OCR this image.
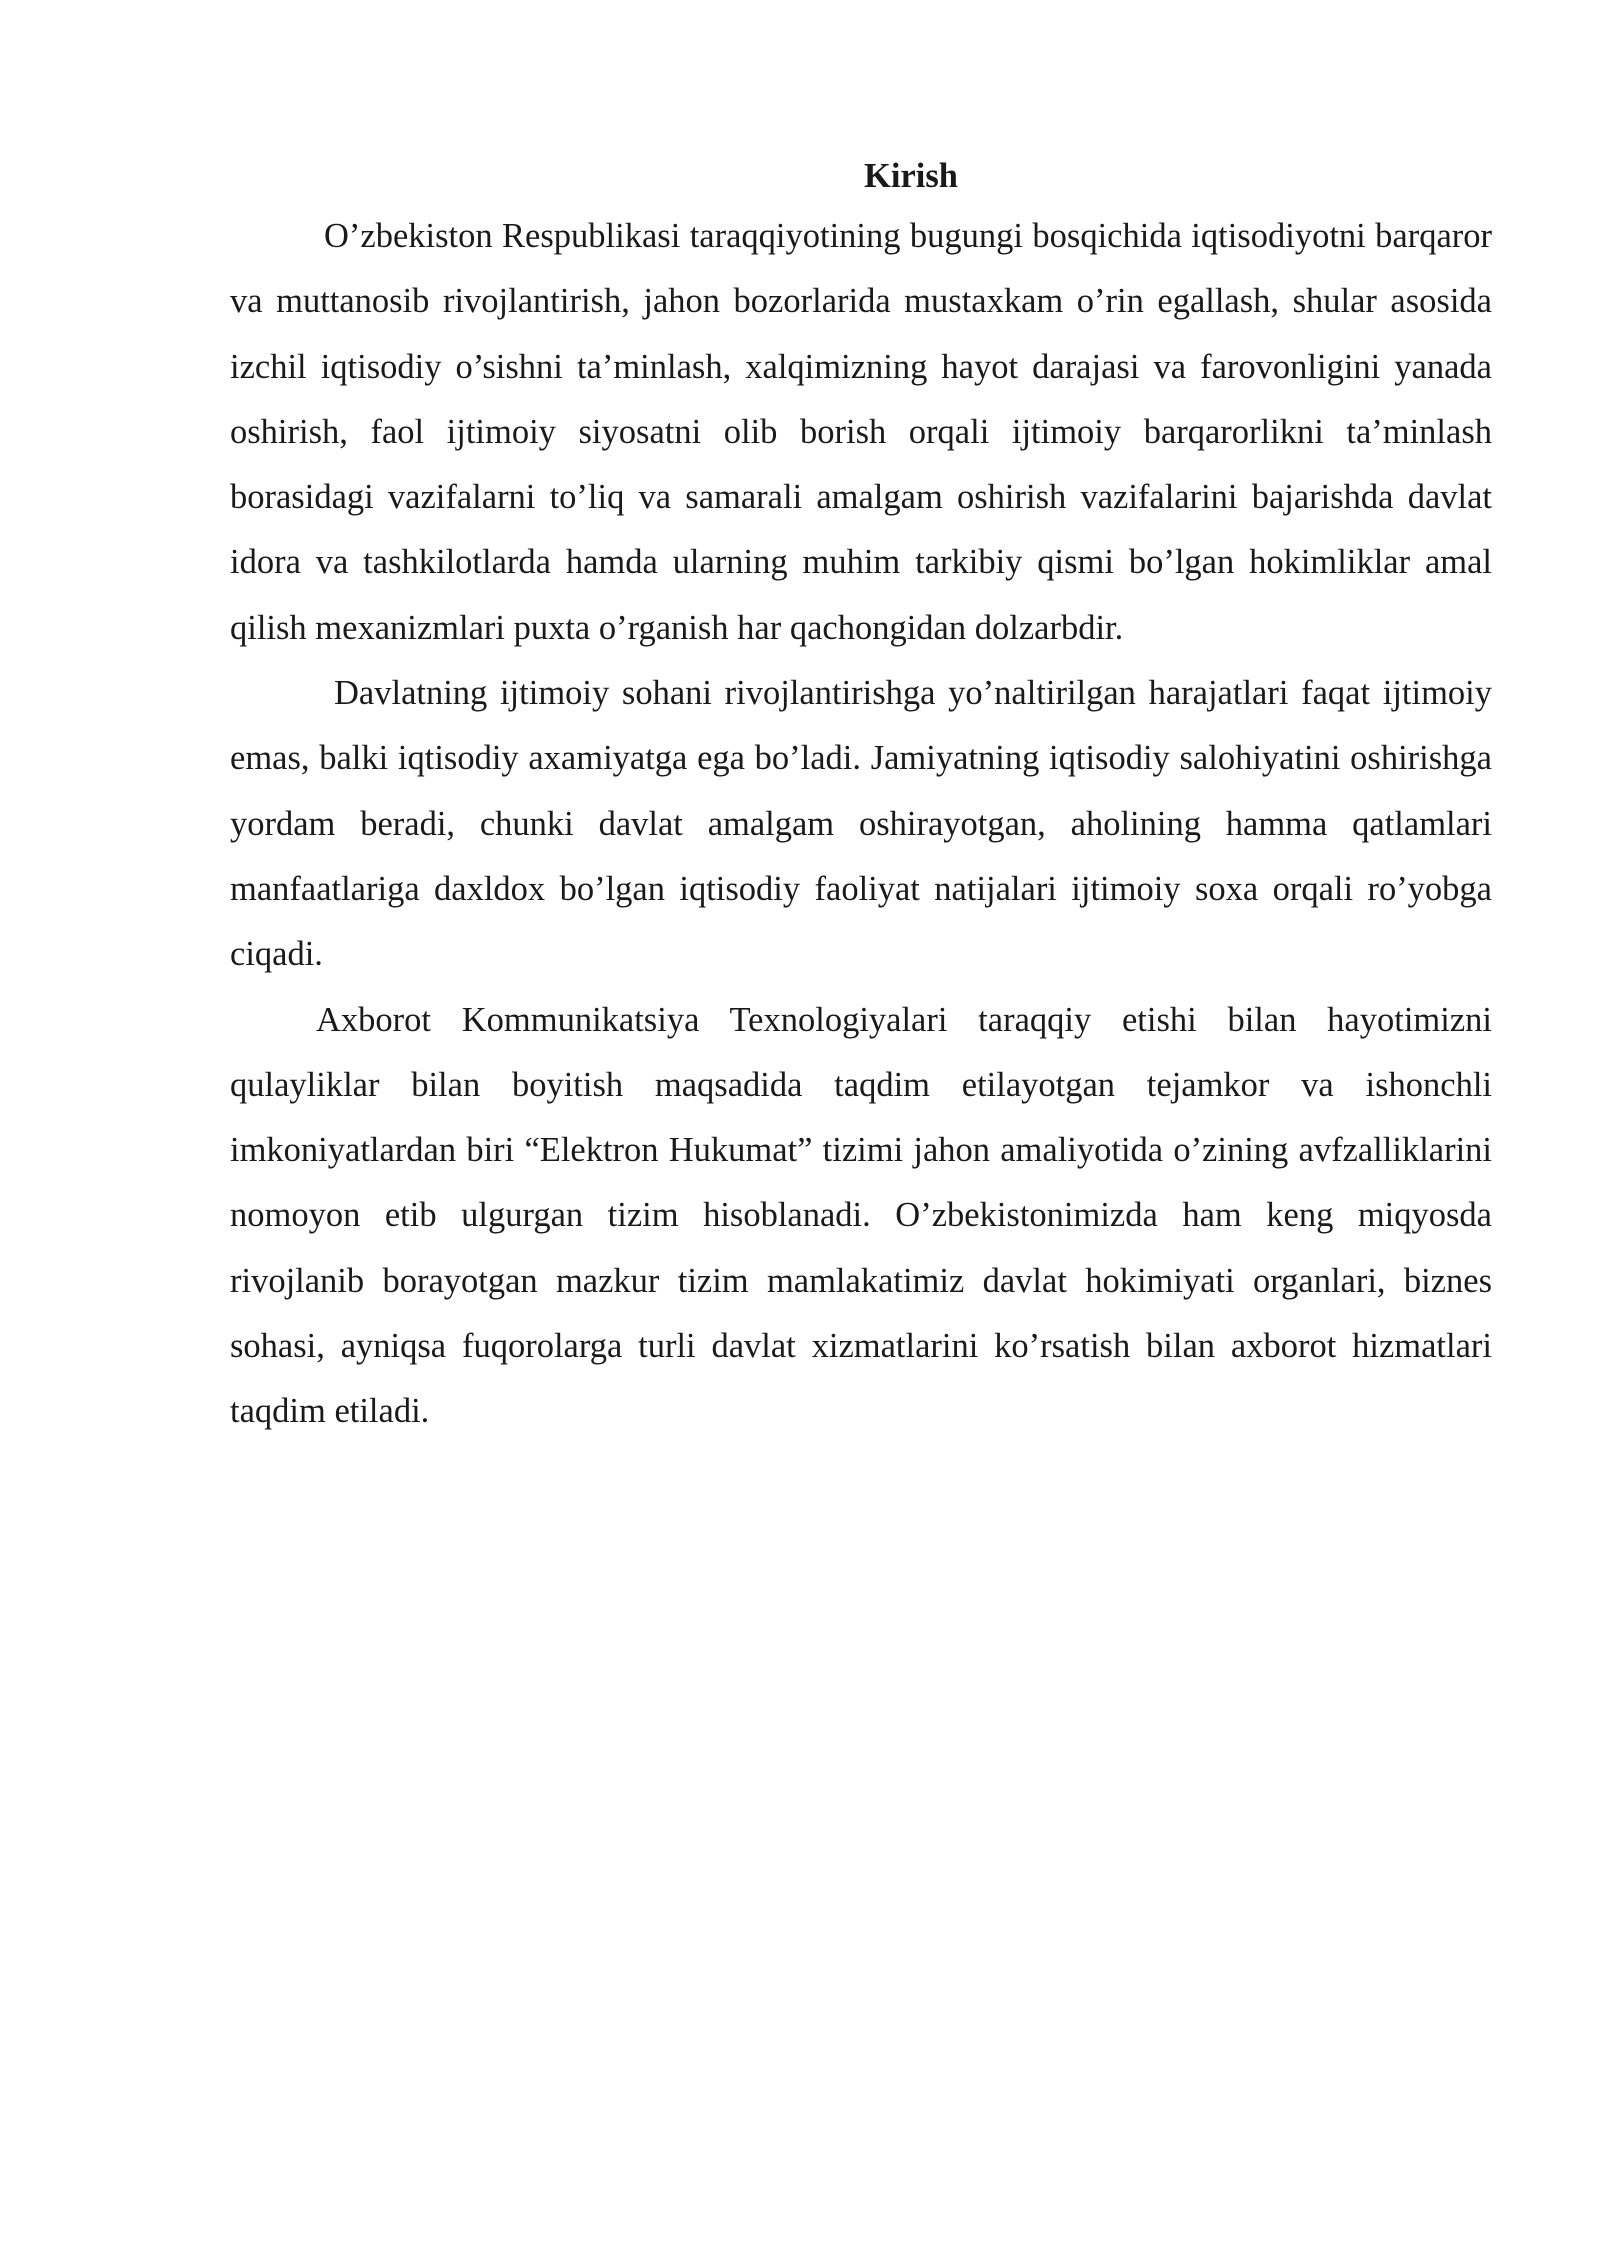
Kirish

O’zbekiston Respublikasi taraqqiyotining bugungi bosqichida iqtisodiyotni barqaror va muttanosib rivojlantirish, jahon bozorlarida mustaxkam o’rin egallash, shular asosida izchil iqtisodiy o’sishni ta’minlash, xalqimizning hayot darajasi va farovonligini yanada oshirish, faol ijtimoiy siyosatni olib borish orqali ijtimoiy barqarorlikni ta’minlash borasidagi vazifalarni to’liq va samarali amalgam oshirish vazifalarini bajarishda davlat idora va tashkilotlarda hamda ularning muhim tarkibiy qismi bo’lgan hokimliklar amal qilish mexanizmlari puxta o’rganish har qachongidan dolzarbdir.

Davlatning ijtimoiy sohani rivojlantirishga yo’naltirilgan harajatlari faqat ijtimoiy emas, balki iqtisodiy axamiyatga ega bo’ladi. Jamiyatning iqtisodiy salohiyatini oshirishga yordam beradi, chunki davlat amalgam oshirayotgan, aholining hamma qatlamlari manfaatlariga daxldox bo’lgan iqtisodiy faoliyat natijalari ijtimoiy soxa orqali ro’yobga ciqadi.

Axborot Kommunikatsiya Texnologiyalari taraqqiy etishi bilan hayotimizni qulayliklar bilan boyitish maqsadida taqdim etilayotgan tejamkor va ishonchli imkoniyatlardan biri “Elektron Hukumat” tizimi jahon amaliyotida o’zining avfzalliklarini nomoyon etib ulgurgan tizim hisoblanadi. O’zbekistonimizda ham keng miqyosda rivojlanib borayotgan mazkur tizim mamlakatimiz davlat hokimiyati organlari, biznes sohasi, ayniqsa fuqorolarga turli davlat xizmatlarini ko’rsatish bilan axborot hizmatlari taqdim etiladi.
